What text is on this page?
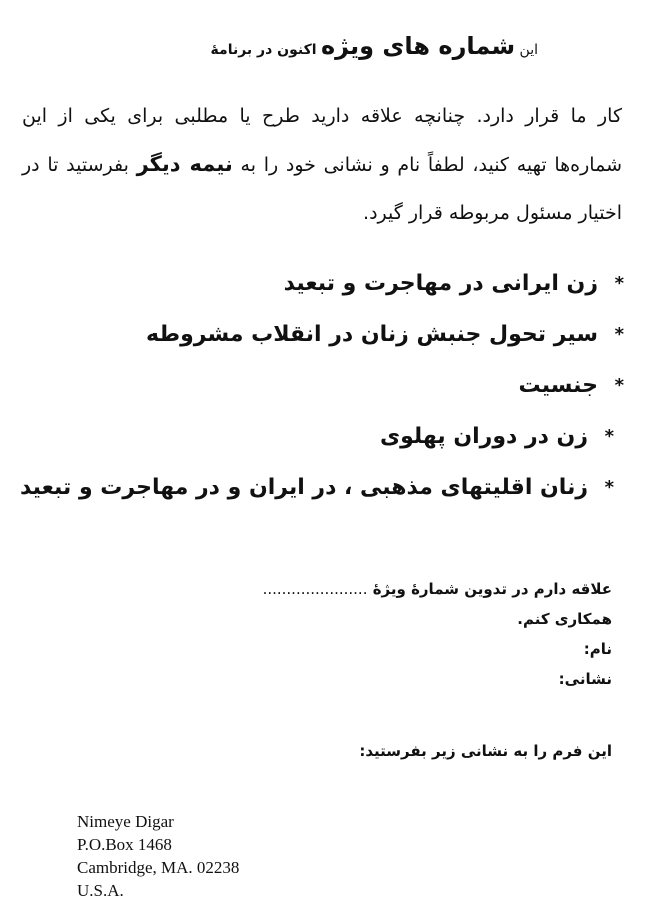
این شماره های ویژه اکنون در برنامهٔ
کار ما قرار دارد. چنانچه علاقه دارید طرح یا مطلبی برای یکی از این شماره‌ها تهیه کنید، لطفاً نام و نشانی خود را به نیمه دیگر بفرستید تا در اختیار مسئول مربوطه قرار گیرد.
*
زن ایرانی در مهاجرت و تبعید
*
سیر تحول جنبش زنان در انقلاب مشروطه
*
جنسیت
*
زن در دوران پهلوی
*
زنان اقلیتهای مذهبی ، در ایران و در مهاجرت و تبعید
علاقه دارم در تدوین شمارهٔ ویژهٔ ......................
همکاری کنم.
نام:
نشانی:
این فرم را به نشانی زیر بفرستید:
Nimeye Digar
P.O.Box 1468
Cambridge, MA. 02238
U.S.A.
